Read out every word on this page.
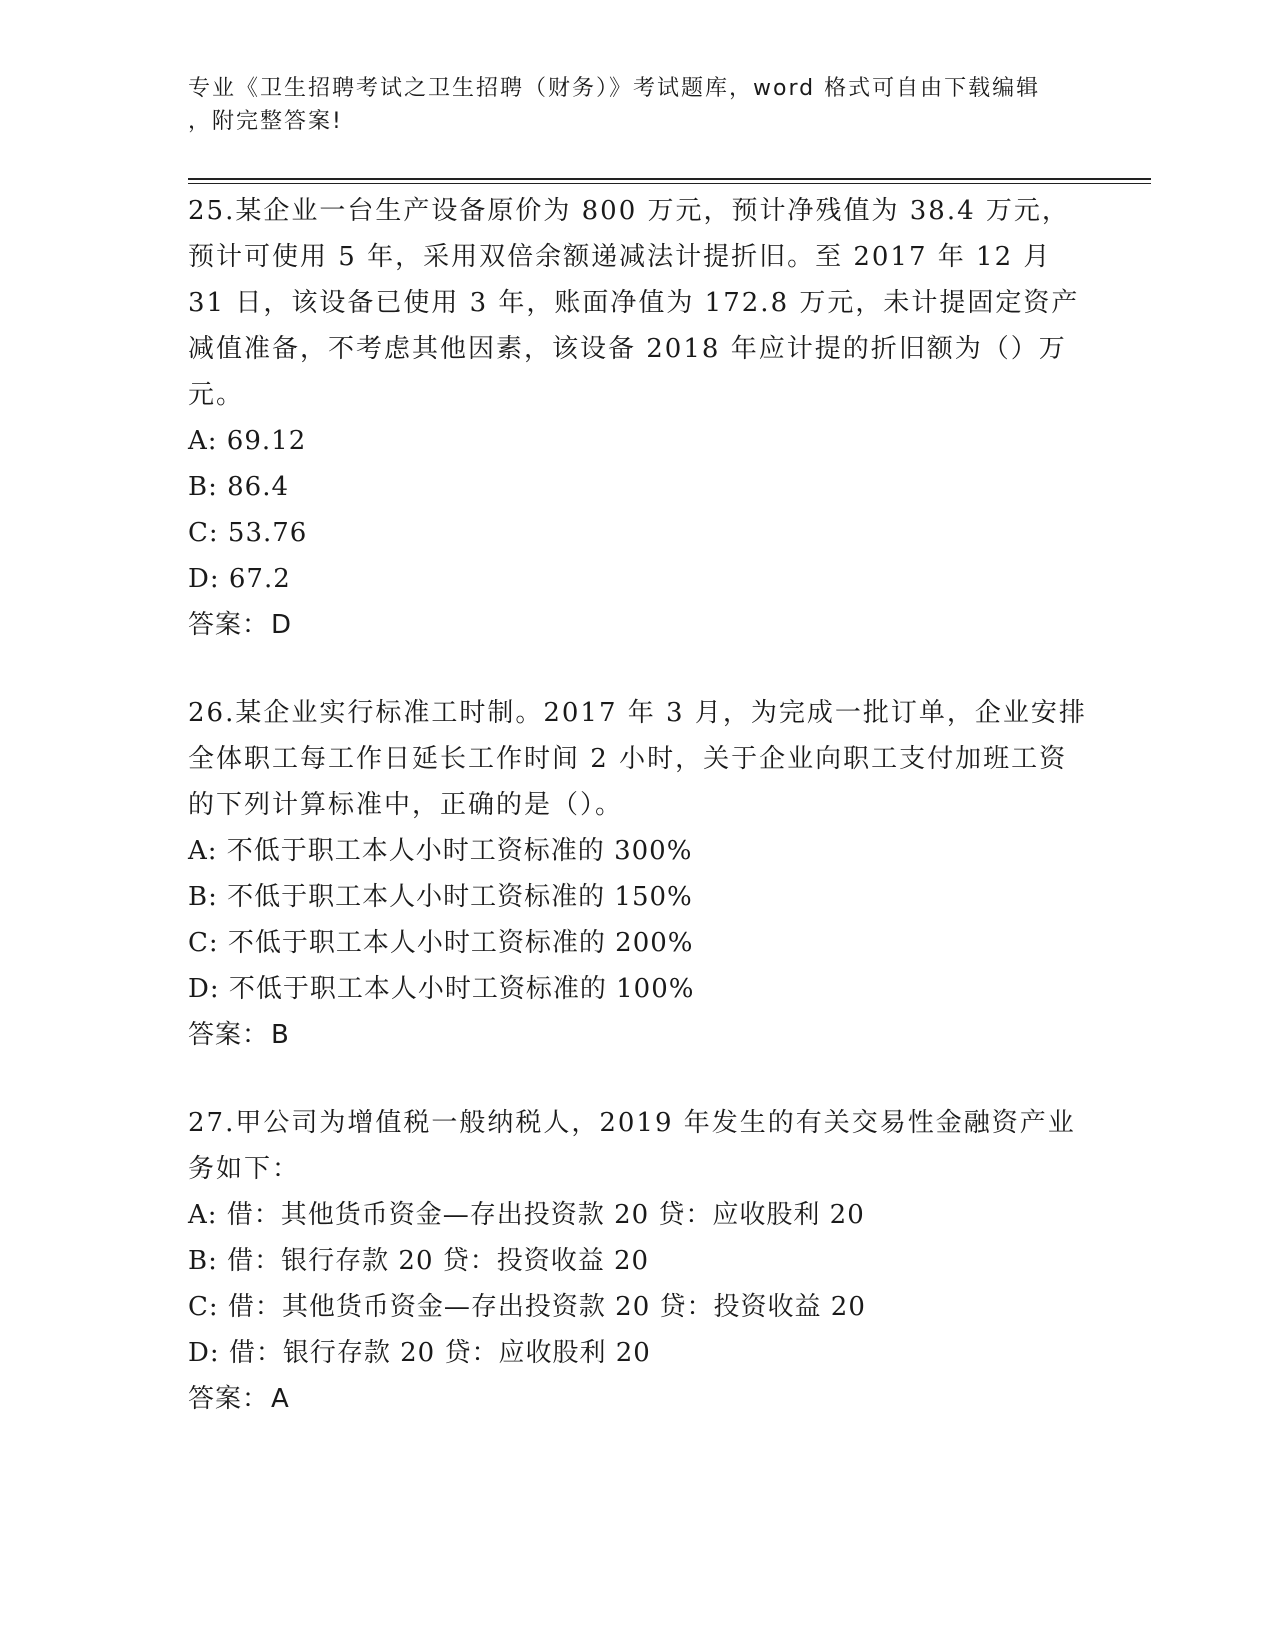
专业《卫生招聘考试之卫生招聘（财务）》考试题库，word 格式可自由下载编辑
，附完整答案!

25.某企业一台生产设备原价为 800 万元，预计净残值为 38.4 万元，预计可使用 5 年，采用双倍余额递减法计提折旧。至 2017 年 12 月 31 日，该设备已使用 3 年，账面净值为 172.8 万元，未计提固定资产减值准备，不考虑其他因素，该设备 2018 年应计提的折旧额为（）万元。

A: 69.12

B: 86.4

C: 53.76

D: 67.2

答案：D

26.某企业实行标准工时制。2017 年 3 月，为完成一批订单，企业安排全体职工每工作日延长工作时间 2 小时，关于企业向职工支付加班工资的下列计算标准中，正确的是（）。

A: 不低于职工本人小时工资标准的 300%

B: 不低于职工本人小时工资标准的 150%

C: 不低于职工本人小时工资标准的 200%

D: 不低于职工本人小时工资标准的 100%

答案：B

27.甲公司为增值税一般纳税人，2019 年发生的有关交易性金融资产业务如下：

A: 借：其他货币资金—存出投资款 20 贷：应收股利 20

B: 借：银行存款 20 贷：投资收益 20

C: 借：其他货币资金—存出投资款 20 贷：投资收益 20

D: 借：银行存款 20 贷：应收股利 20

答案：A
